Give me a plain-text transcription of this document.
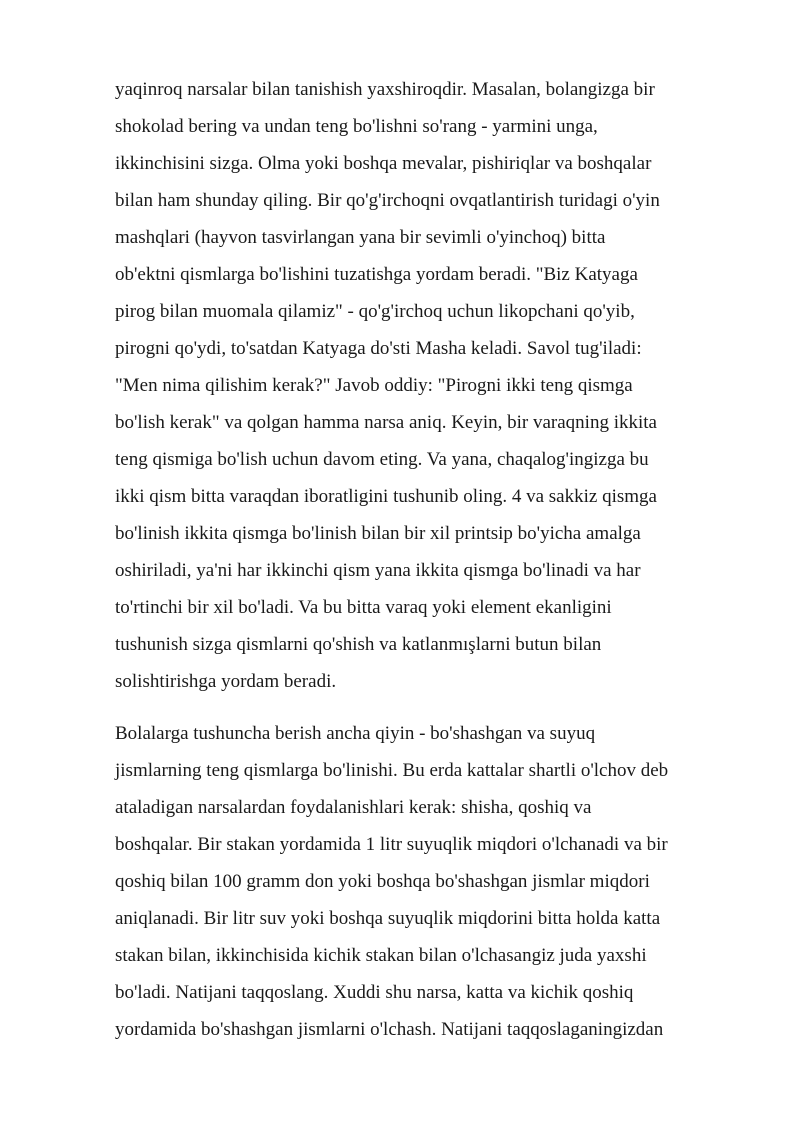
yaqinroq narsalar bilan tanishish yaxshiroqdir. Masalan, bolangizga bir
shokolad bering va undan teng bo'lishni so'rang - yarmini unga,
ikkinchisini sizga. Olma yoki boshqa mevalar, pishiriqlar va boshqalar
bilan ham shunday qiling. Bir qo'g'irchoqni ovqatlantirish turidagi o'yin
mashqlari (hayvon tasvirlangan yana bir sevimli o'yinchoq) bitta
ob'ektni qismlarga bo'lishini tuzatishga yordam beradi. "Biz Katyaga
pirog bilan muomala qilamiz" - qo'g'irchoq uchun likopchani qo'yib,
pirogni qo'ydi, to'satdan Katyaga do'sti Masha keladi. Savol tug'iladi:
"Men nima qilishim kerak?" Javob oddiy: "Pirogni ikki teng qismga
bo'lish kerak" va qolgan hamma narsa aniq. Keyin, bir varaqning ikkita
teng qismiga bo'lish uchun davom eting. Va yana, chaqalog'ingizga bu
ikki qism bitta varaqdan iboratligini tushunib oling. 4 va sakkiz qismga
bo'linish ikkita qismga bo'linish bilan bir xil printsip bo'yicha amalga
oshiriladi, ya'ni har ikkinchi qism yana ikkita qismga bo'linadi va har
to'rtinchi bir xil bo'ladi. Va bu bitta varaq yoki element ekanligini
tushunish sizga qismlarni qo'shish va katlanmışlarni butun bilan
solishtirishga yordam beradi.
Bolalarga tushuncha berish ancha qiyin - bo'shashgan va suyuq
jismlarning teng qismlarga bo'linishi. Bu erda kattalar shartli o'lchov deb
ataladigan narsalardan foydalanishlari kerak: shisha, qoshiq va
boshqalar. Bir stakan yordamida 1 litr suyuqlik miqdori o'lchanadi va bir
qoshiq bilan 100 gramm don yoki boshqa bo'shashgan jismlar miqdori
aniqlanadi. Bir litr suv yoki boshqa suyuqlik miqdorini bitta holda katta
stakan bilan, ikkinchisida kichik stakan bilan o'lchasangiz juda yaxshi
bo'ladi. Natijani taqqoslang. Xuddi shu narsa, katta va kichik qoshiq
yordamida bo'shashgan jismlarni o'lchash. Natijani taqqoslaganingizdan
